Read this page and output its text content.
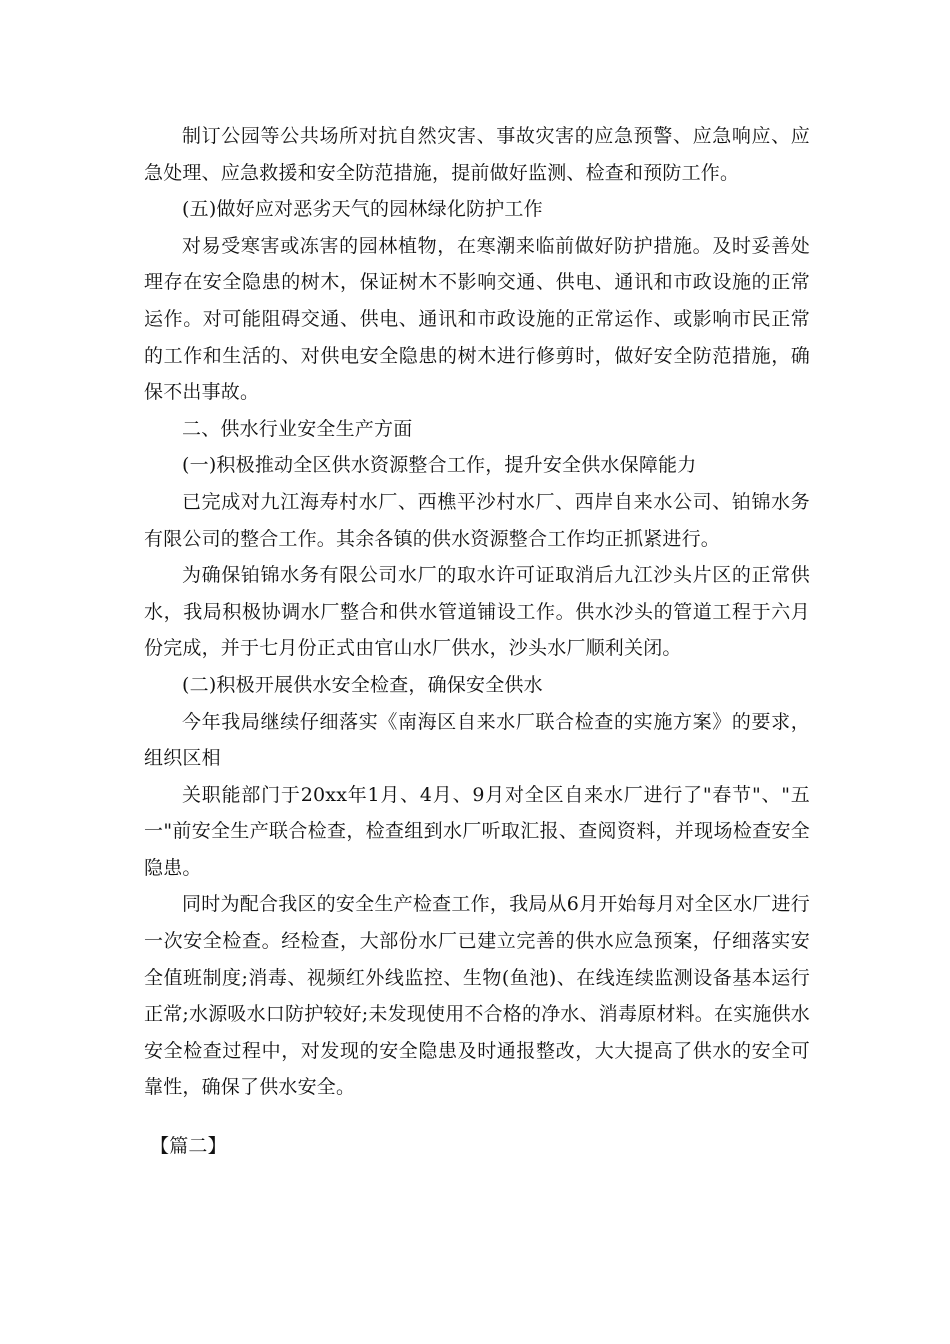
制订公园等公共场所对抗自然灾害、事故灾害的应急预警、应急响应、应急处理、应急救援和安全防范措施，提前做好监测、检查和预防工作。

(五)做好应对恶劣天气的园林绿化防护工作

对易受寒害或冻害的园林植物，在寒潮来临前做好防护措施。及时妥善处理存在安全隐患的树木，保证树木不影响交通、供电、通讯和市政设施的正常运作。对可能阻碍交通、供电、通讯和市政设施的正常运作、或影响市民正常的工作和生活的、对供电安全隐患的树木进行修剪时，做好安全防范措施，确保不出事故。

二、供水行业安全生产方面

(一)积极推动全区供水资源整合工作，提升安全供水保障能力

已完成对九江海寿村水厂、西樵平沙村水厂、西岸自来水公司、铂锦水务有限公司的整合工作。其余各镇的供水资源整合工作均正抓紧进行。

为确保铂锦水务有限公司水厂的取水许可证取消后九江沙头片区的正常供水，我局积极协调水厂整合和供水管道铺设工作。供水沙头的管道工程于六月份完成，并于七月份正式由官山水厂供水，沙头水厂顺利关闭。

(二)积极开展供水安全检查，确保安全供水

今年我局继续仔细落实《南海区自来水厂联合检查的实施方案》的要求，组织区相

关职能部门于20xx年1月、4月、9月对全区自来水厂进行了"春节"、"五一"前安全生产联合检查，检查组到水厂听取汇报、查阅资料，并现场检查安全隐患。

同时为配合我区的安全生产检查工作，我局从6月开始每月对全区水厂进行一次安全检查。经检查，大部份水厂已建立完善的供水应急预案，仔细落实安全值班制度;消毒、视频红外线监控、生物(鱼池)、在线连续监测设备基本运行正常;水源吸水口防护较好;未发现使用不合格的净水、消毒原材料。在实施供水安全检查过程中，对发现的安全隐患及时通报整改，大大提高了供水的安全可靠性，确保了供水安全。

【篇二】
